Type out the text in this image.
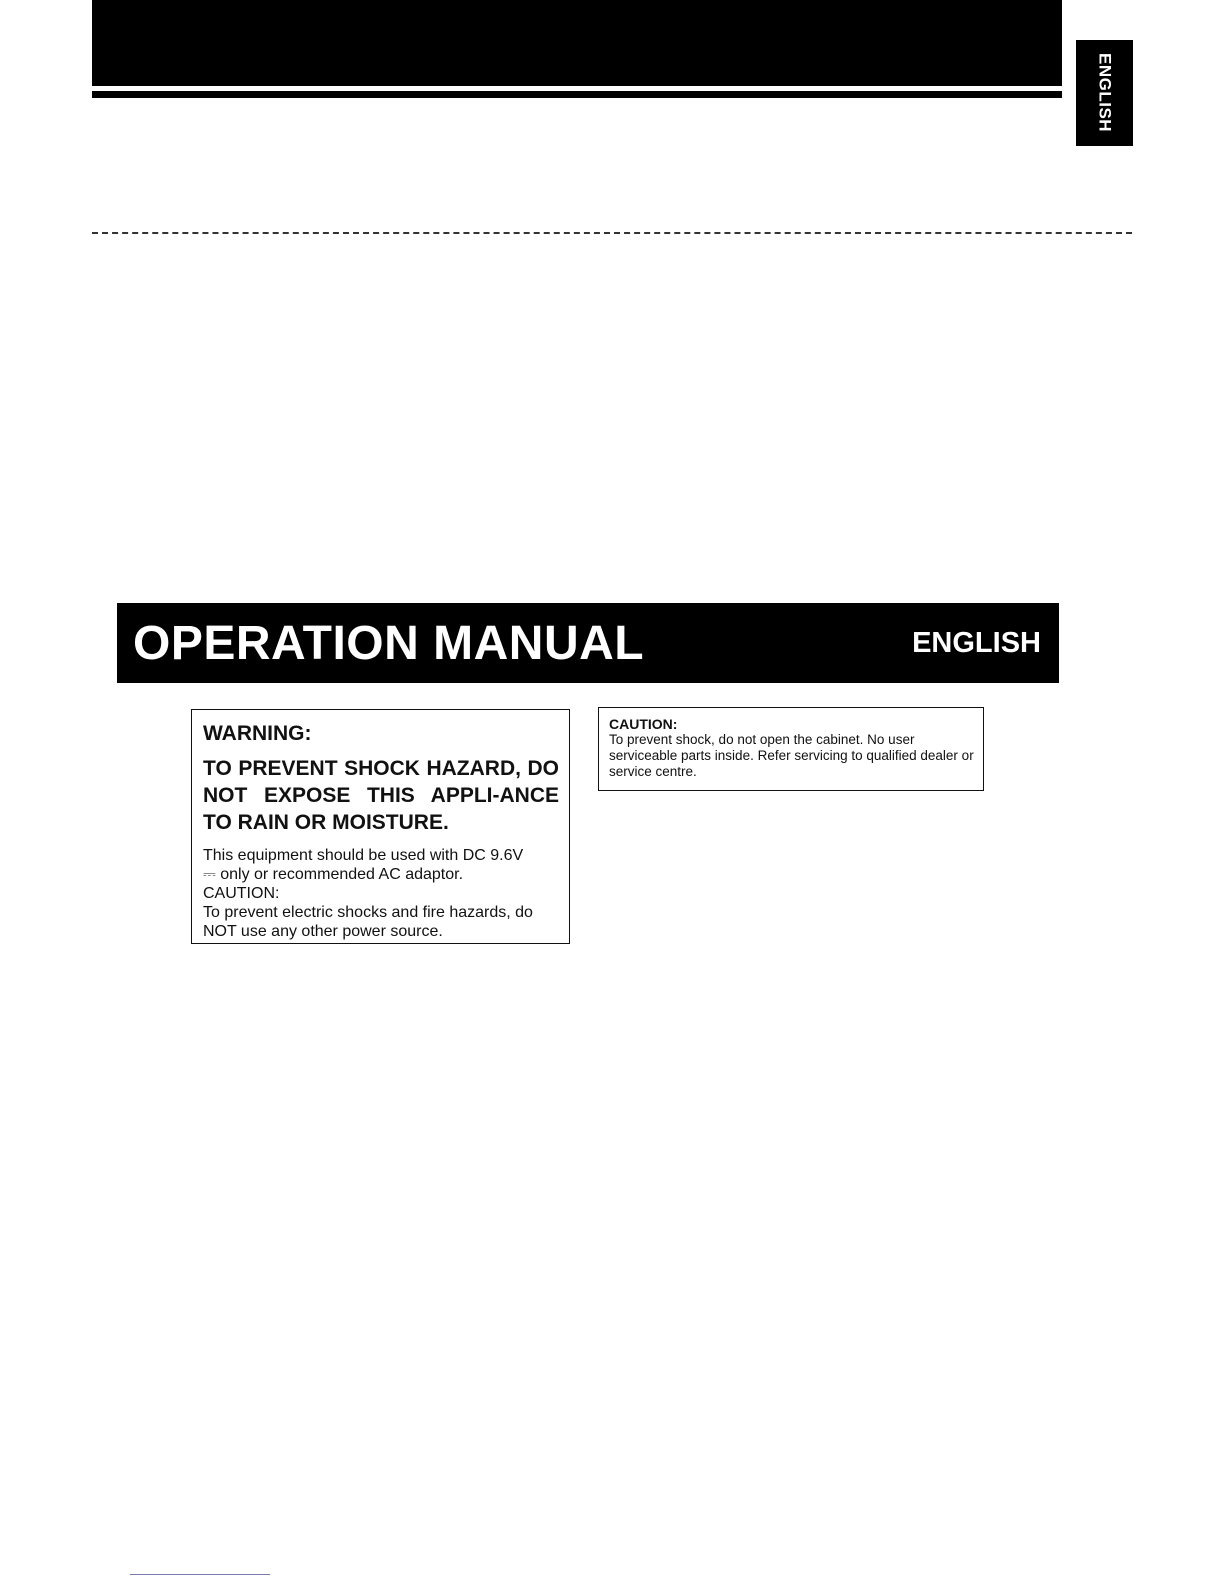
ENGLISH
OPERATION MANUAL	ENGLISH
WARNING:
TO PREVENT SHOCK HAZARD, DO NOT EXPOSE THIS APPLI-ANCE TO RAIN OR MOISTURE.
This equipment should be used with DC 9.6V
⎓ only or recommended AC adaptor.
CAUTION:
To prevent electric shocks and fire hazards, do
NOT use any other power source.
CAUTION:
To prevent shock, do not open the cabinet. No user serviceable parts inside. Refer servicing to qualified dealer or service centre.
